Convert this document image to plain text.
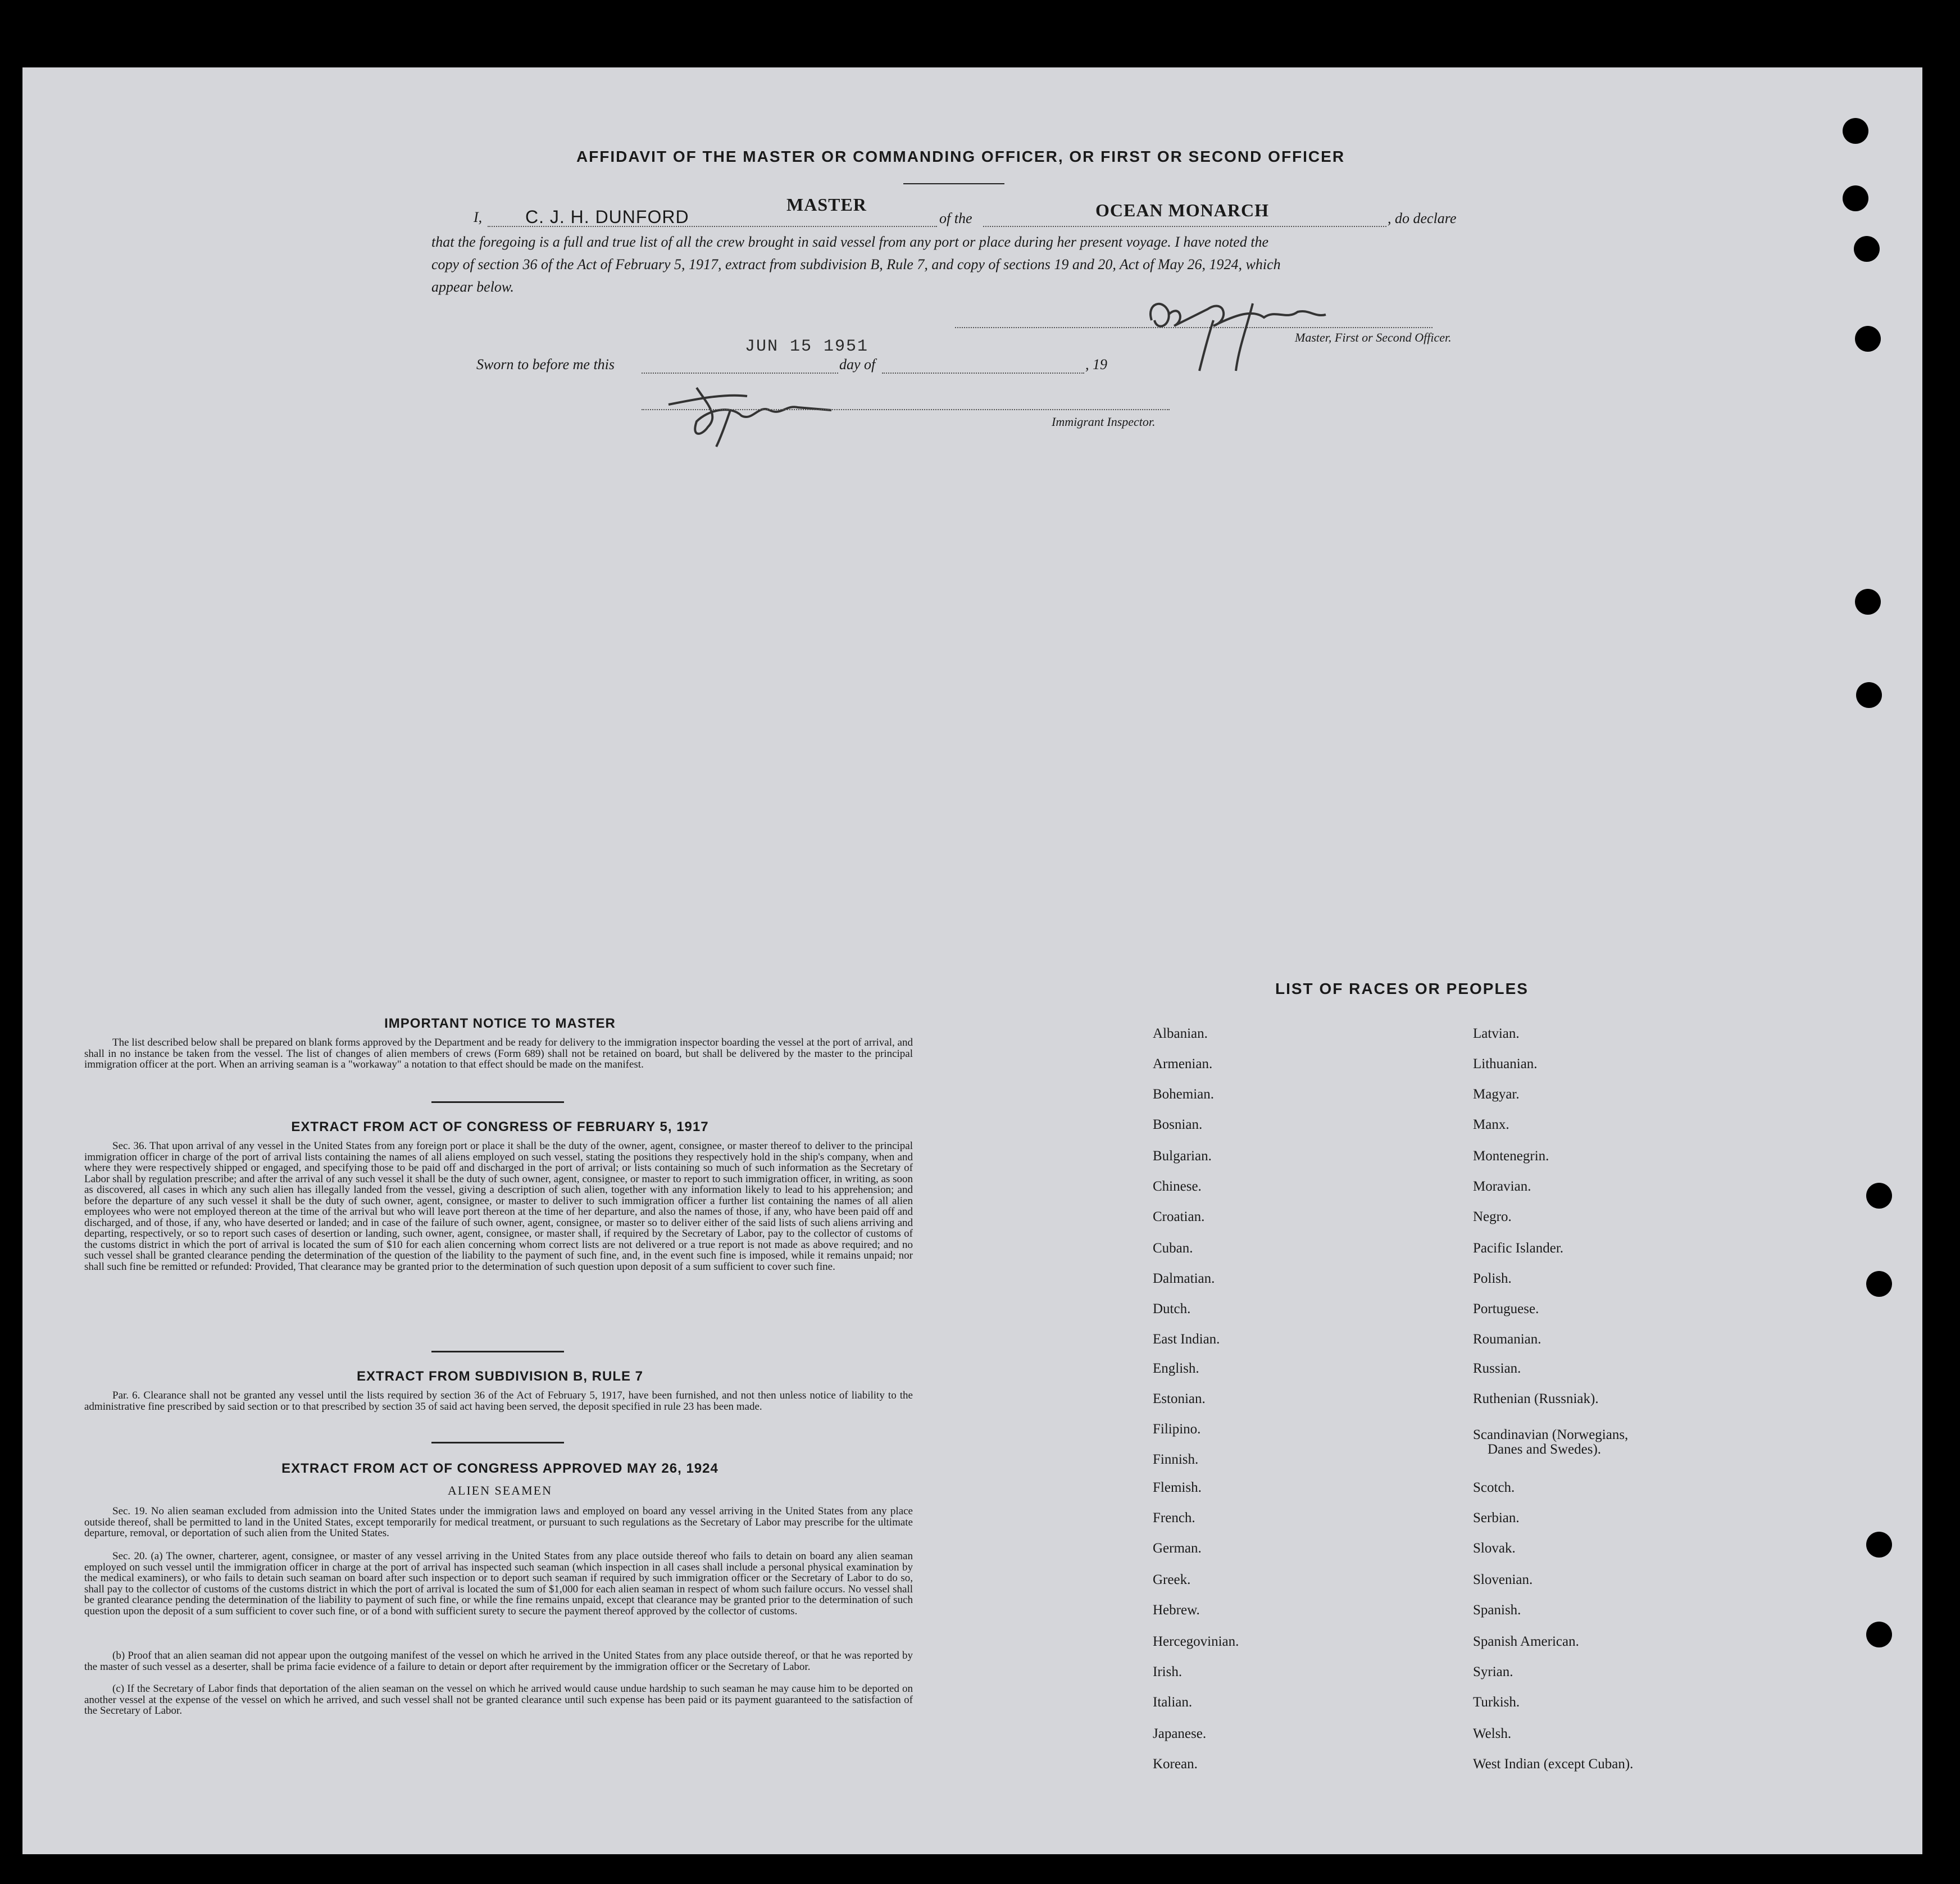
AFFIDAVIT OF THE MASTER OR COMMANDING OFFICER, OR FIRST OR SECOND OFFICER
I, C. J. H. DUNFORD
MASTER
of the	OCEAN MONARCH	, do declare
that the foregoing is a full and true list of all the crew brought in said vessel from any port or place during her present voyage. I have noted the
copy of section 36 of the Act of February 5, 1917, extract from subdivision B, Rule 7, and copy of sections 19 and 20, Act of May 26, 1924, which
appear below.
Master, First or Second Officer.
Sworn to before me this
JUN 15 1951
day of	, 19
Immigrant Inspector.
IMPORTANT NOTICE TO MASTER
The list described below shall be prepared on blank forms approved by the Department and be ready for delivery to the immigration inspector boarding the vessel at the port of arrival, and shall in no instance be taken from the vessel. The list of changes of alien members of crews (Form 689) shall not be retained on board, but shall be delivered by the master to the principal immigration officer at the port. When an arriving seaman is a "workaway" a notation to that effect should be made on the manifest.
EXTRACT FROM ACT OF CONGRESS OF FEBRUARY 5, 1917
Sec. 36. That upon arrival of any vessel in the United States from any foreign port or place it shall be the duty of the owner, agent, consignee, or master thereof to deliver to the principal immigration officer in charge of the port of arrival lists containing the names of all aliens employed on such vessel, stating the positions they respectively hold in the ship's company, when and where they were respectively shipped or engaged, and specifying those to be paid off and discharged in the port of arrival; or lists containing so much of such information as the Secretary of Labor shall by regulation prescribe; and after the arrival of any such vessel it shall be the duty of such owner, agent, consignee, or master to report to such immigration officer, in writing, as soon as discovered, all cases in which any such alien has illegally landed from the vessel, giving a description of such alien, together with any information likely to lead to his apprehension; and before the departure of any such vessel it shall be the duty of such owner, agent, consignee, or master to deliver to such immigration officer a further list containing the names of all alien employees who were not employed thereon at the time of the arrival but who will leave port thereon at the time of her departure, and also the names of those, if any, who have been paid off and discharged, and of those, if any, who have deserted or landed; and in case of the failure of such owner, agent, consignee, or master so to deliver either of the said lists of such aliens arriving and departing, respectively, or so to report such cases of desertion or landing, such owner, agent, consignee, or master shall, if required by the Secretary of Labor, pay to the collector of customs of the customs district in which the port of arrival is located the sum of $10 for each alien concerning whom correct lists are not delivered or a true report is not made as above required; and no such vessel shall be granted clearance pending the determination of the question of the liability to the payment of such fine, and, in the event such fine is imposed, while it remains unpaid; nor shall such fine be remitted or refunded: Provided, That clearance may be granted prior to the determination of such question upon deposit of a sum sufficient to cover such fine.
EXTRACT FROM SUBDIVISION B, RULE 7
Par. 6. Clearance shall not be granted any vessel until the lists required by section 36 of the Act of February 5, 1917, have been furnished, and not then unless notice of liability to the administrative fine prescribed by said section or to that prescribed by section 35 of said act having been served, the deposit specified in rule 23 has been made.
EXTRACT FROM ACT OF CONGRESS APPROVED MAY 26, 1924
ALIEN SEAMEN
Sec. 19. No alien seaman excluded from admission into the United States under the immigration laws and employed on board any vessel arriving in the United States from any place outside thereof, shall be permitted to land in the United States, except temporarily for medical treatment, or pursuant to such regulations as the Secretary of Labor may prescribe for the ultimate departure, removal, or deportation of such alien from the United States.
Sec. 20. (a) The owner, charterer, agent, consignee, or master of any vessel arriving in the United States from any place outside thereof who fails to detain on board any alien seaman employed on such vessel until the immigration officer in charge at the port of arrival has inspected such seaman (which inspection in all cases shall include a personal physical examination by the medical examiners), or who fails to detain such seaman on board after such inspection or to deport such seaman if required by such immigration officer or the Secretary of Labor to do so, shall pay to the collector of customs of the customs district in which the port of arrival is located the sum of $1,000 for each alien seaman in respect of whom such failure occurs. No vessel shall be granted clearance pending the determination of the liability to payment of such fine, or while the fine remains unpaid, except that clearance may be granted prior to the determination of such question upon the deposit of a sum sufficient to cover such fine, or of a bond with sufficient surety to secure the payment thereof approved by the collector of customs.
(b) Proof that an alien seaman did not appear upon the outgoing manifest of the vessel on which he arrived in the United States from any place outside thereof, or that he was reported by the master of such vessel as a deserter, shall be prima facie evidence of a failure to detain or deport after requirement by the immigration officer or the Secretary of Labor.
(c) If the Secretary of Labor finds that deportation of the alien seaman on the vessel on which he arrived would cause undue hardship to such seaman he may cause him to be deported on another vessel at the expense of the vessel on which he arrived, and such vessel shall not be granted clearance until such expense has been paid or its payment guaranteed to the satisfaction of the Secretary of Labor.
LIST OF RACES OR PEOPLES
Albanian.
Armenian.
Bohemian.
Bosnian.
Bulgarian.
Chinese.
Croatian.
Cuban.
Dalmatian.
Dutch.
East Indian.
English.
Estonian.
Filipino.
Finnish.
Flemish.
French.
German.
Greek.
Hebrew.
Hercegovinian.
Irish.
Italian.
Japanese.
Korean.
Latvian.
Lithuanian.
Magyar.
Manx.
Montenegrin.
Moravian.
Negro.
Pacific Islander.
Polish.
Portuguese.
Roumanian.
Russian.
Ruthenian (Russniak).
Scandinavian (Norwegians,
Danes and Swedes).
Scotch.
Serbian.
Slovak.
Slovenian.
Spanish.
Spanish American.
Syrian.
Turkish.
Welsh.
West Indian (except Cuban).
